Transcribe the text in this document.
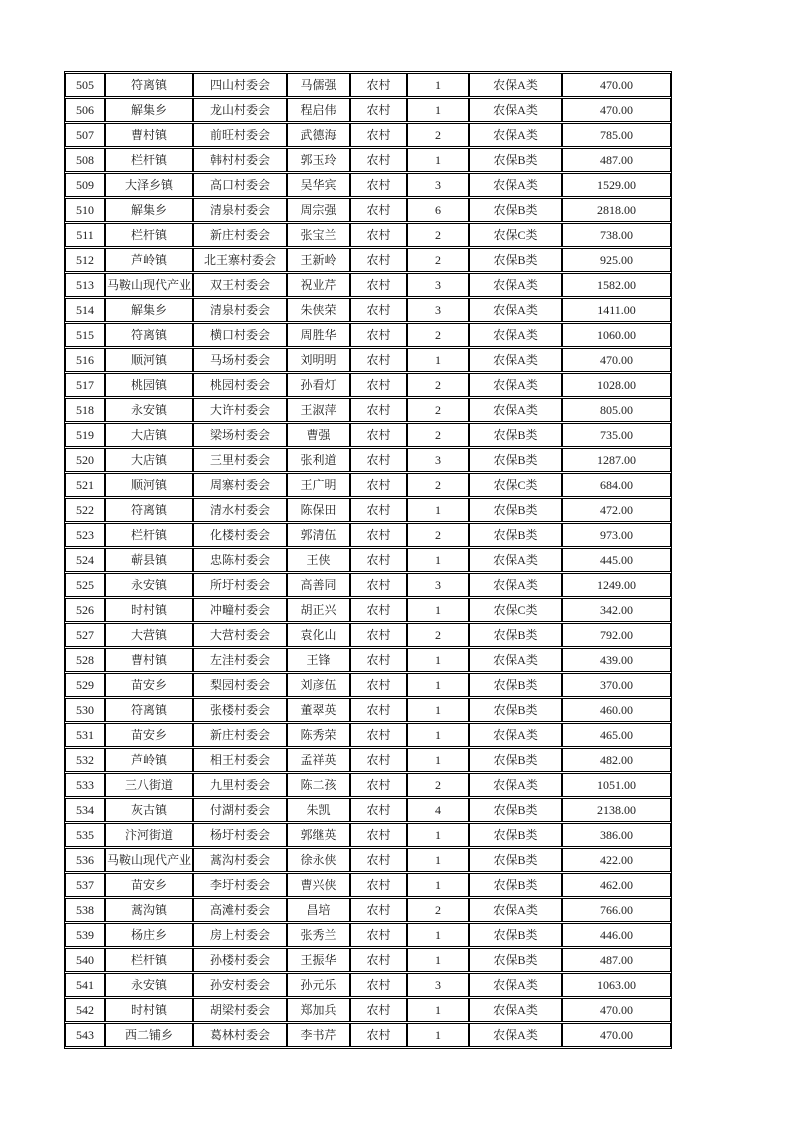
505	符离镇	四山村委会	马儒强	农村	1	农保A类	470.00
506	解集乡	龙山村委会	程启伟	农村	1	农保A类	470.00
507	曹村镇	前旺村委会	武德海	农村	2	农保A类	785.00
508	栏杆镇	韩村村委会	郭玉玲	农村	1	农保B类	487.00
509	大泽乡镇	高口村委会	吴华宾	农村	3	农保A类	1529.00
510	解集乡	清泉村委会	周宗强	农村	6	农保B类	2818.00
511	栏杆镇	新庄村委会	张宝兰	农村	2	农保C类	738.00
512	芦岭镇	北王寨村委会	王新岭	农村	2	农保B类	925.00
513	马鞍山现代产业	双王村委会	祝业芹	农村	3	农保A类	1582.00
514	解集乡	清泉村委会	朱侠荣	农村	3	农保A类	1411.00
515	符离镇	横口村委会	周胜华	农村	2	农保A类	1060.00
516	顺河镇	马场村委会	刘明明	农村	1	农保A类	470.00
517	桃园镇	桃园村委会	孙看灯	农村	2	农保A类	1028.00
518	永安镇	大许村委会	王淑萍	农村	2	农保A类	805.00
519	大店镇	梁场村委会	曹强	农村	2	农保B类	735.00
520	大店镇	三里村委会	张利道	农村	3	农保B类	1287.00
521	顺河镇	周寨村委会	王广明	农村	2	农保C类	684.00
522	符离镇	清水村委会	陈保田	农村	1	农保B类	472.00
523	栏杆镇	化楼村委会	郭清伍	农村	2	农保B类	973.00
524	蕲县镇	忠陈村委会	王侠	农村	1	农保A类	445.00
525	永安镇	所圩村委会	高善同	农村	3	农保A类	1249.00
526	时村镇	冲疃村委会	胡正兴	农村	1	农保C类	342.00
527	大营镇	大营村委会	袁化山	农村	2	农保B类	792.00
528	曹村镇	左洼村委会	王锋	农村	1	农保A类	439.00
529	苗安乡	梨园村委会	刘彦伍	农村	1	农保B类	370.00
530	符离镇	张楼村委会	董翠英	农村	1	农保B类	460.00
531	苗安乡	新庄村委会	陈秀荣	农村	1	农保A类	465.00
532	芦岭镇	相王村委会	孟祥英	农村	1	农保B类	482.00
533	三八街道	九里村委会	陈二孩	农村	2	农保A类	1051.00
534	灰古镇	付湖村委会	朱凯	农村	4	农保B类	2138.00
535	汴河街道	杨圩村委会	郭继英	农村	1	农保B类	386.00
536	马鞍山现代产业	蒿沟村委会	徐永侠	农村	1	农保B类	422.00
537	苗安乡	李圩村委会	曹兴侠	农村	1	农保B类	462.00
538	蒿沟镇	高滩村委会	昌培	农村	2	农保A类	766.00
539	杨庄乡	房上村委会	张秀兰	农村	1	农保B类	446.00
540	栏杆镇	孙楼村委会	王振华	农村	1	农保B类	487.00
541	永安镇	孙安村委会	孙元乐	农村	3	农保A类	1063.00
542	时村镇	胡梁村委会	郑加兵	农村	1	农保A类	470.00
543	西二铺乡	葛林村委会	李书芹	农村	1	农保A类	470.00
